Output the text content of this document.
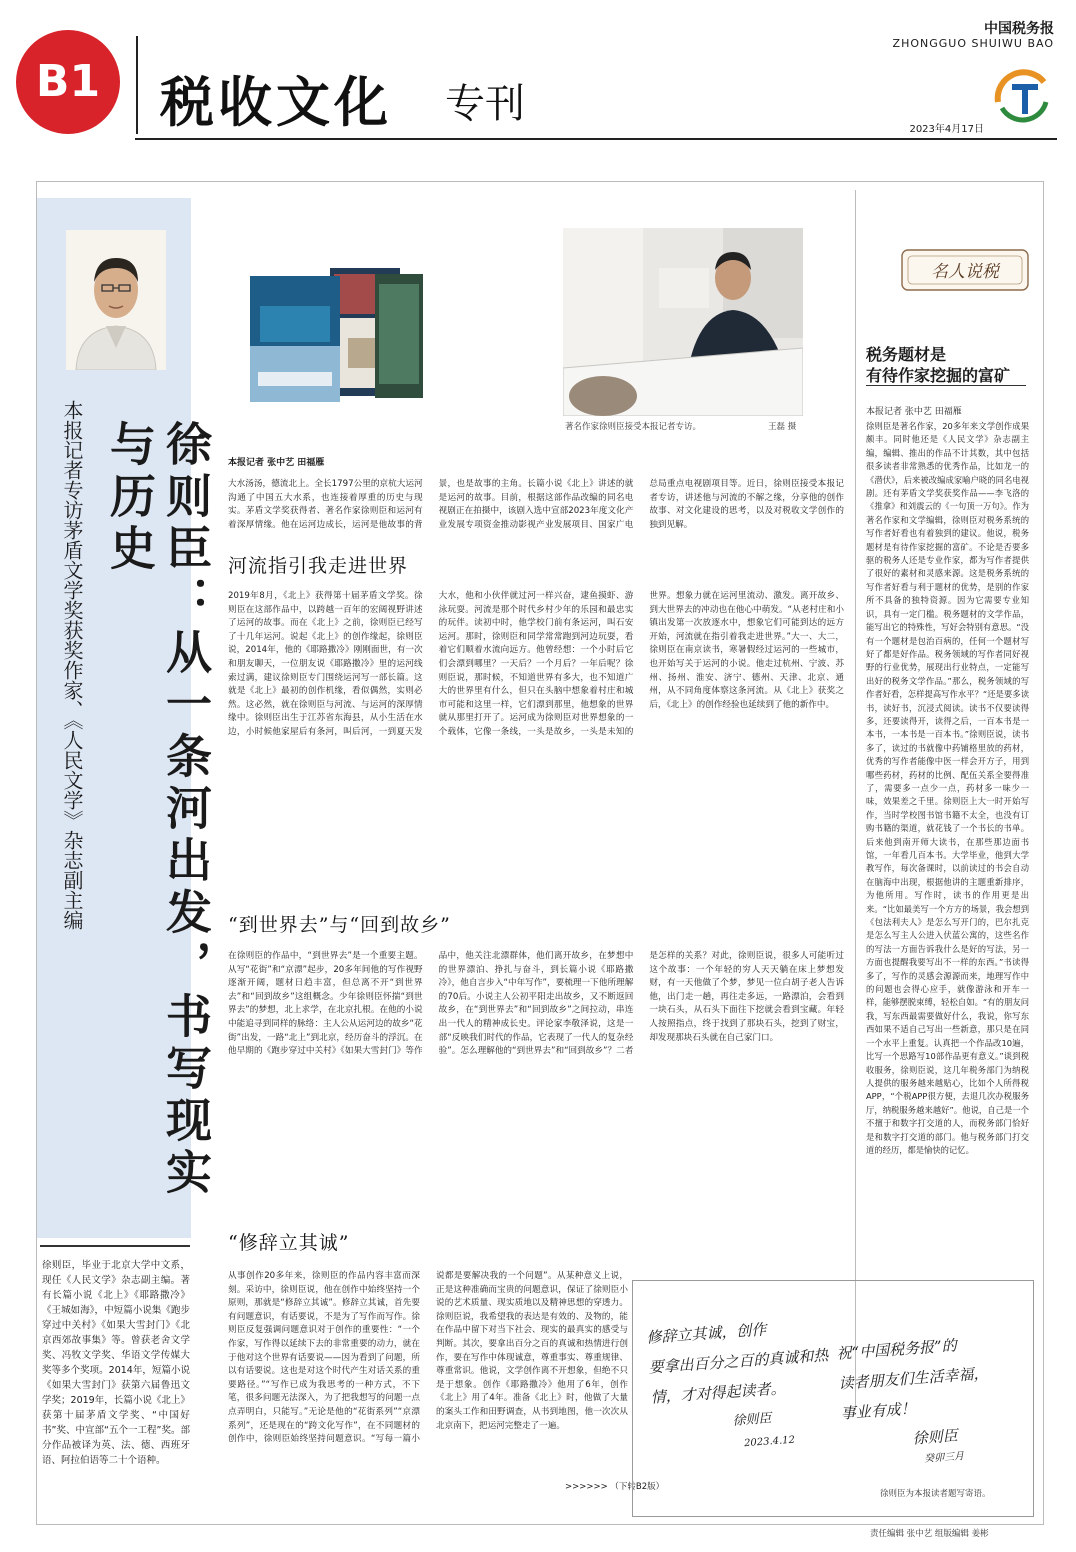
B1	税收文化 专刊
中国税务报
ZHONGGUO SHUIWU BAO
2023年4月17日
本报记者专访茅盾文学奖获奖作家、《人民文学》杂志副主编	徐则臣：从一条河出发，书写现实与历史
徐则臣，毕业于北京大学中文系，现任《人民文学》杂志副主编。著有长篇小说《北上》《耶路撒冷》《王城如海》，中短篇小说集《跑步穿过中关村》《如果大雪封门》《北京西郊故事集》等。曾获老舍文学奖、冯牧文学奖、华语文学传媒大奖等多个奖项。2014年，短篇小说《如果大雪封门》获第六届鲁迅文学奖；2019年，长篇小说《北上》获第十届茅盾文学奖、“中国好书”奖、中宣部“五个一工程”奖。部分作品被译为英、法、德、西班牙语、阿拉伯语等二十个语种。
著名作家徐则臣接受本报记者专访。	王磊 摄
本报记者 张中艺 田福雁
大水汤汤，德流北上。全长1797公里的京杭大运河沟通了中国五大水系，也连接着厚重的历史与现实。茅盾文学奖获得者、著名作家徐则臣和运河有着深厚情缘。他在运河边成长，运河是他故事的背景，也是故事的主角。长篇小说《北上》讲述的就是运河的故事。目前，根据这部作品改编的同名电视剧正在拍摄中，该剧入选中宣部2023年度文化产业发展专项资金推动影视产业发展项目、国家广电总局重点电视剧项目等。近日，徐则臣接受本报记者专访，讲述他与河流的不解之缘，分享他的创作故事、对文化建设的思考，以及对税收文学创作的独到见解。
河流指引我走进世界
2019年8月，《北上》获得第十届茅盾文学奖。徐则臣在这部作品中，以跨越一百年的宏阔视野讲述了运河的故事。而在《北上》之前，徐则臣已经写了十几年运河。说起《北上》的创作缘起，徐则臣说，2014年，他的《耶路撒冷》刚刚面世，有一次和朋友聊天，一位朋友说《耶路撒冷》里的运河线索过满，建议徐则臣专门围绕运河写一部长篇。这就是《北上》最初的创作机缘，看似偶然，实则必然。这必然，就在徐则臣与河流、与运河的深厚情缘中。徐则臣出生于江苏省东海县，从小生活在水边，小时候他家屋后有条河，叫后河，一到夏天发大水，他和小伙伴就过河一样兴奋，逮鱼摸虾、游泳玩耍。河流是那个时代乡村少年的乐园和最忠实的玩伴。读初中时，他学校门前有条运河，叫石安运河。那时，徐则臣和同学常常跑到河边玩耍，看着它们顺着水流向远方。他曾经想：一个小时后它们会漂到哪里？一天后？一个月后？一年后呢？徐则臣说，那时候，不知道世界有多大，也不知道广大的世界里有什么，但只在头脑中想象着村庄和城市可能和这里一样，它们漂到那里，他想象的世界就从那里打开了。运河成为徐则臣对世界想象的一个载体，它像一条线，一头是故乡，一头是未知的世界。想象力就在运河里流动、激发。离开故乡、到大世界去的冲动也在他心中萌发。“从老村庄和小镇出发第一次放逐水中，想象它们可能到达的远方开始，河流就在指引着我走进世界。”大一、大二，徐则臣在南京读书，寒暑假经过运河的一些城市，也开始写关于运河的小说。他走过杭州、宁波、苏州、扬州、淮安、济宁、德州、天津、北京、通州，从不同角度体察这条河流。从《北上》获奖之后，《北上》的创作经验也延续到了他的新作中。
“到世界去”与“回到故乡”
在徐则臣的作品中，“到世界去”是一个重要主题。从写“花街”和“京漂”起步，20多年间他的写作视野逐渐开阔，题材日趋丰富，但总离不开“到世界去”和“回到故乡”这组概念。少年徐则臣怀揣“到世界去”的梦想，北上求学，在北京扎根。在他的小说中能追寻到同样的脉络：主人公从运河边的故乡“花街”出发，一路“北上”到北京，经历奋斗的浮沉。在他早期的《跑步穿过中关村》《如果大雪封门》等作品中，他关注北漂群体，他们离开故乡，在梦想中的世界漂泊、挣扎与奋斗，到长篇小说《耶路撒冷》，他自言步入“中年写作”，要梳理一下他所理解的70后。小说主人公初平阳走出故乡，又不断返回故乡，在“到世界去”和“回到故乡”之间拉动，串连出一代人的精神成长史。评论家李敬泽说，这是一部“反映我们时代的作品，它表现了一代人的复杂经验”。怎么理解他的“到世界去”和“回到故乡”？二者是怎样的关系？对此，徐则臣说，很多人可能听过这个故事：一个年轻的穷人天天躺在床上梦想发财，有一天他做了个梦，梦见一位白胡子老人告诉他，出门走一趟，再往走多远，一路漂泊，会看到一块石头，从石头下面往下挖就会看到宝藏。年轻人按照指点，终于找到了那块石头，挖到了财宝，却发现那块石头就在自己家门口。
“修辞立其诚”
从事创作20多年来，徐则臣的作品内容丰富而深刻。采访中，徐则臣说，他在创作中始终坚持一个原则，那就是“修辞立其诚”。修辞立其诚，首先要有问题意识，有话要说，不是为了写作而写作。徐则臣反复强调问题意识对于创作的重要性：“一个作家，写作得以延续下去的非常重要的动力，就在于他对这个世界有话要说——因为看到了问题，所以有话要说。这也是对这个时代产生对话关系的重要路径。”“写作已成为我思考的一种方式，不下笔，很多问题无法深入，为了把我想写的问题一点点弄明白，只能写。”无论是他的“花街系列”“京漂系列”，还是现在的“跨文化写作”，在不同题材的创作中，徐则臣始终坚持问题意识。“写每一篇小说都是要解决我的一个问题”。从某种意义上说，正是这种准确而宝贵的问题意识，保证了徐则臣小说的艺术质量、现实质地以及精神思想的穿透力。徐则臣说，我希望我的表达是有效的、及物的，能在作品中留下对当下社会、现实的最真实的感受与判断。其次，要拿出百分之百的真诚和热情进行创作，要在写作中体现诚意，尊重事实、尊重规律、尊重常识。他说，文学创作离不开想象，但绝不只是于想象。创作《耶路撒冷》他用了6年，创作《北上》用了4年。准备《北上》时，他做了大量的案头工作和田野调查，从书到地图，他一次次从北京南下，把运河完整走了一遍。
>>>>>> （下转B2版）
名人说税
税务题材是
有待作家挖掘的富矿
本报记者 张中艺 田福雁
徐则臣是著名作家，20多年来文学创作成果颇丰。同时他还是《人民文学》杂志副主编，编辑、推出的作品不计其数，其中包括很多读者非常熟悉的优秀作品，比如龙一的《潜伏》，后来被改编成家喻户晓的同名电视剧。还有茅盾文学奖获奖作品——李飞洛的《推拿》和刘震云的《一句顶一万句》。作为著名作家和文学编辑，徐则臣对税务系统的写作者好看也有着独到的建议。他说，税务题材是有待作家挖掘的富矿。不论是否要多驱的税务人还是专业作家，都为写作者提供了很好的素材和灵感来源。这是税务系统的写作者好看与利于题材的优势，是别的作家所不具备的独特资源。因为它需要专业知识，具有一定门槛。税务题材的文学作品，能写出它的特殊性，写好会特别有意思。“没有一个题材是包治百病的，任何一个题材写好了都是好作品。税务领域的写作者同好视野的行业优势，展现出行业特点，一定能写出好的税务文学作品。”那么，税务领域的写作者好看，怎样提高写作水平？“还是要多读书，读好书，沉浸式阅读。读书不仅要读得多，还要读得开，读得之后，一百本书是一本书，一本书是一百本书。”徐则臣说，读书多了，读过的书就像中药铺格里放的药材，优秀的写作者能像中医一样会开方子，用到哪些药材，药材的比例、配伍关系全要得准了，需要多一点少一点，药材多一味少一味，效果差之千里。徐则臣上大一时开始写作，当时学校图书馆书籍不太全，也没有订购书籍的渠道，就花钱了一个书长的书单。后来他到南开师大读书，在那些那边面书馆，一年看几百本书。大学毕业，他到大学教写作，每次备课时，以前读过的书会自动在脑海中出现，根据他讲的主题重新排序，为他所用。写作时，读书的作用更是出来。“比如最美写一个方方的场景，我会想到《包法利夫人》是怎么写开门的，巴尔扎克是怎么写主人公进入伏蓝公寓的，这些名作的写法一方面告诉我什么是好的写法，另一方面也提醒我要写出不一样的东西。”书读得多了，写作的灵感会源源而来，地理写作中的问题也会得心应手，就像游泳和开车一样，能够摆脱束缚，轻松自如。“有的朋友问我，写东西最需要做好什么，我说，你写东西如果不适自己写出一些新意，那只是在同一个水平上重复。认真把一个作品改10遍，比写一个思路写10部作品更有意义。”谈到税收服务，徐则臣说，这几年税务部门为纳税人提供的服务越来越贴心，比如个人所得税APP，“个税APP很方便，去退几次办税服务厅，纳税服务越来越好”。他说，自己是一个不擅于和数字打交道的人，而税务部门恰好是和数字打交道的部门。他与税务部门打交道的经历，都是愉快的记忆。
修辞立其诚，创作
要拿出百分之百的真诚和热
情，才对得起读者。
徐则臣
2023.4.12
祝“中国税务报”的
读者朋友们生活幸福，
事业有成！
徐则臣
癸卯三月
徐则臣为本报读者题写寄语。
责任编辑 张中艺 组版编辑 姜彬
